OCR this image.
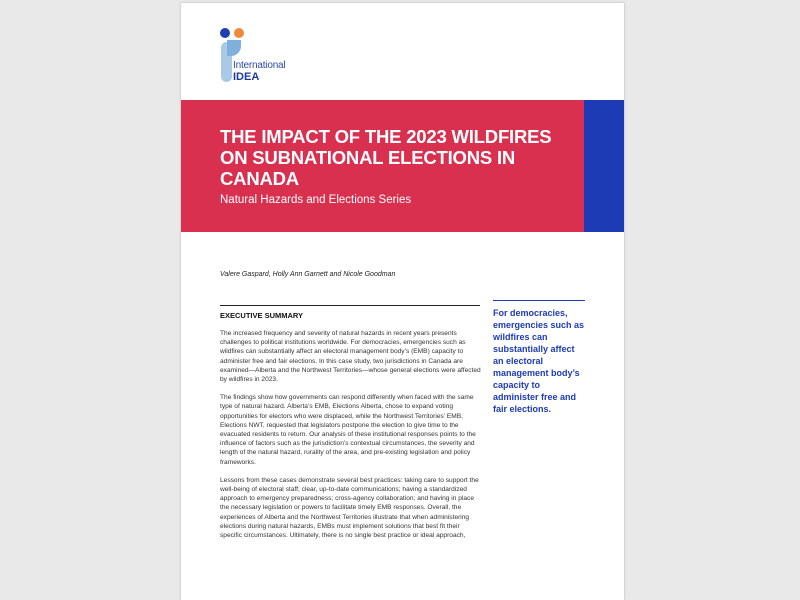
International
IDEA
THE IMPACT OF THE 2023 WILDFIRES ON SUBNATIONAL ELECTIONS IN CANADA
Natural Hazards and Elections Series
Valere Gaspard, Holly Ann Garnett and Nicole Goodman
EXECUTIVE SUMMARY

The increased frequency and severity of natural hazards in recent years presents challenges to political institutions worldwide. For democracies, emergencies such as wildfires can substantially affect an electoral management body’s (EMB) capacity to administer free and fair elections. In this case study, two jurisdictions in Canada are examined—Alberta and the Northwest Territories—whose general elections were affected by wildfires in 2023.

The findings show how governments can respond differently when faced with the same type of natural hazard. Alberta’s EMB, Elections Alberta, chose to expand voting opportunities for electors who were displaced, while the Northwest Territories’ EMB, Elections NWT, requested that legislators postpone the election to give time to the evacuated residents to return. Our analysis of these institutional responses points to the influence of factors such as the jurisdiction’s contextual circumstances, the severity and length of the natural hazard, rurality of the area, and pre-existing legislation and policy frameworks.

Lessons from these cases demonstrate several best practices: taking care to support the well-being of electoral staff; clear, up-to-date communications; having a standardized approach to emergency preparedness; cross-agency collaboration; and having in place the necessary legislation or powers to facilitate timely EMB responses. Overall, the experiences of Alberta and the Northwest Territories illustrate that when administering elections during natural hazards, EMBs must implement solutions that best fit their specific circumstances. Ultimately, there is no single best practice or ideal approach,

For democracies, emergencies such as wildfires can substantially affect an electoral management body’s capacity to administer free and fair elections.
